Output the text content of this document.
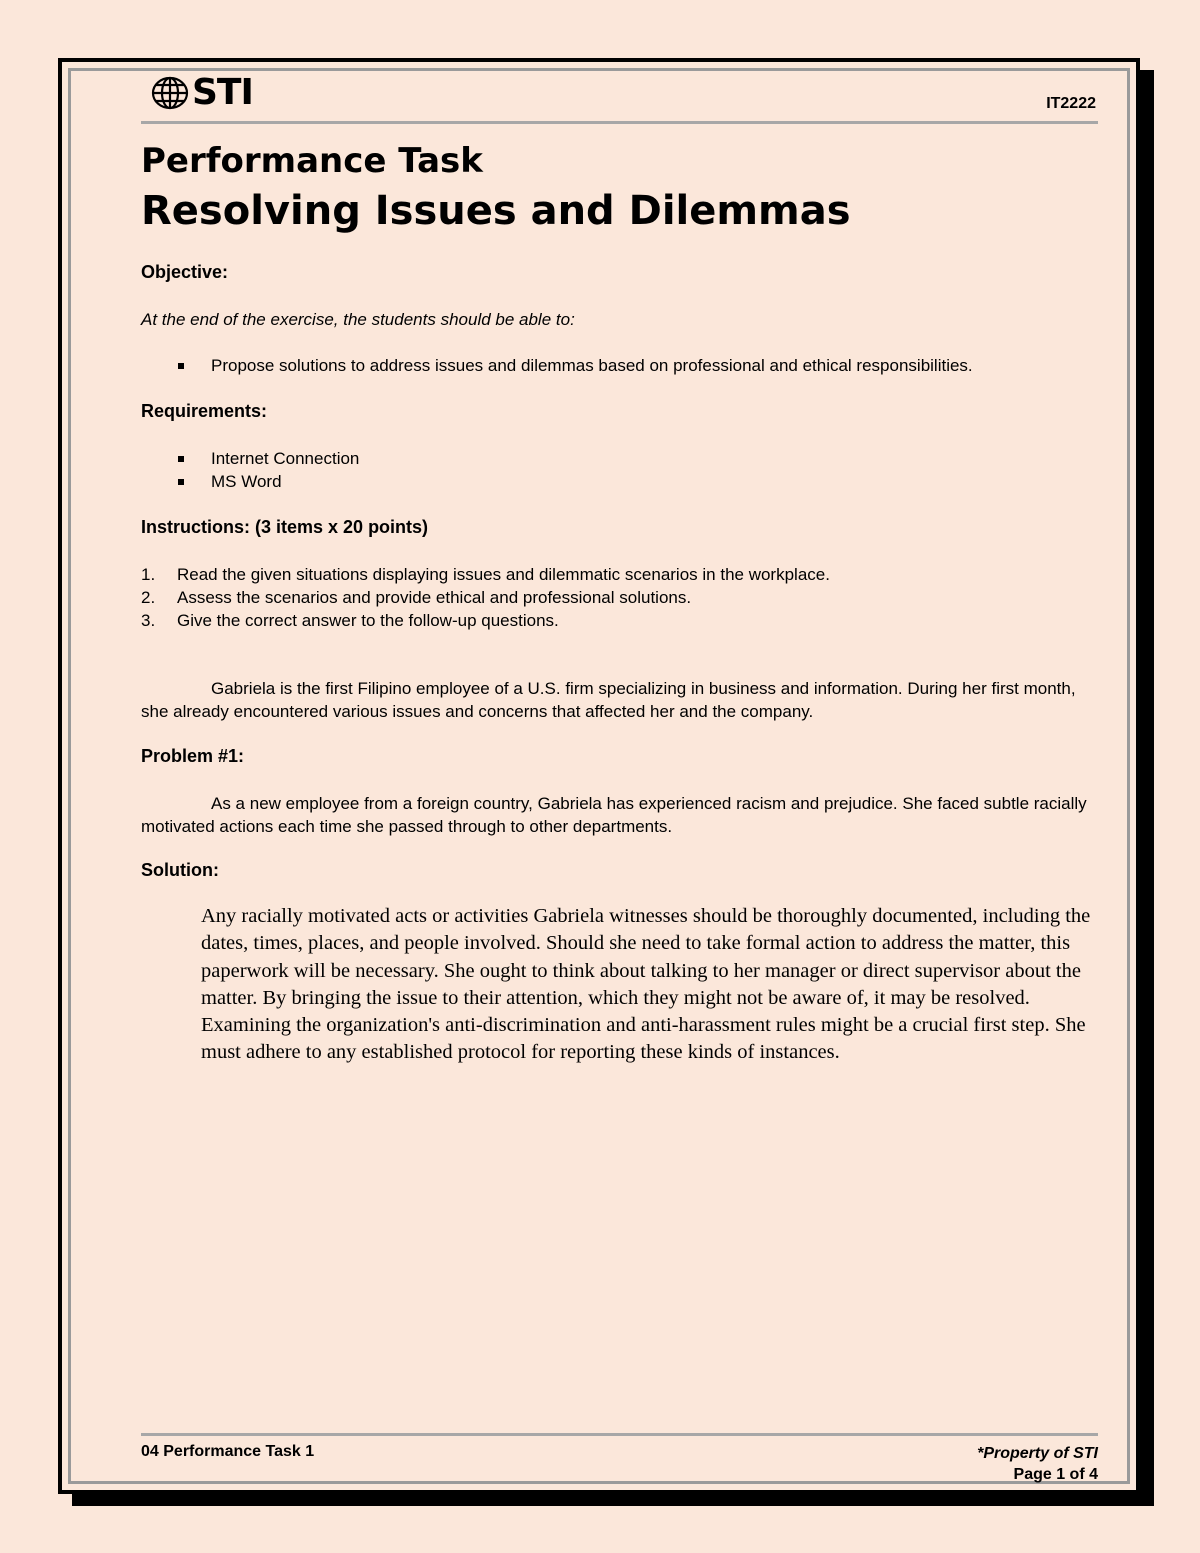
STI	IT2222
Performance Task
Resolving Issues and Dilemmas
Objective:
At the end of the exercise, the students should be able to:
Propose solutions to address issues and dilemmas based on professional and ethical responsibilities.
Requirements:
Internet Connection
MS Word
Instructions: (3 items x 20 points)
1. Read the given situations displaying issues and dilemmatic scenarios in the workplace.
2. Assess the scenarios and provide ethical and professional solutions.
3. Give the correct answer to the follow-up questions.
Gabriela is the first Filipino employee of a U.S. firm specializing in business and information. During her first month, she already encountered various issues and concerns that affected her and the company.
Problem #1:
As a new employee from a foreign country, Gabriela has experienced racism and prejudice. She faced subtle racially motivated actions each time she passed through to other departments.
Solution:
Any racially motivated acts or activities Gabriela witnesses should be thoroughly documented, including the dates, times, places, and people involved. Should she need to take formal action to address the matter, this paperwork will be necessary. She ought to think about talking to her manager or direct supervisor about the matter. By bringing the issue to their attention, which they might not be aware of, it may be resolved. Examining the organization's anti-discrimination and anti-harassment rules might be a crucial first step. She must adhere to any established protocol for reporting these kinds of instances.
04 Performance Task 1	*Property of STI
Page 1 of 4
